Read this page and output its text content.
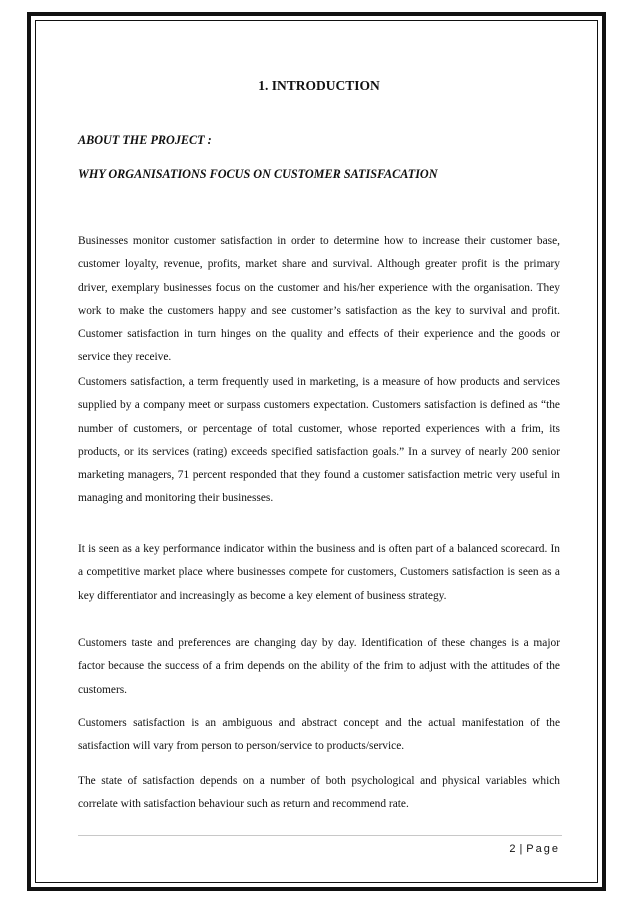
1. INTRODUCTION
ABOUT THE PROJECT :
WHY ORGANISATIONS FOCUS ON CUSTOMER SATISFACATION

Businesses monitor customer satisfaction in order to determine how to increase their customer base, customer loyalty, revenue, profits, market share and survival. Although greater profit is the primary driver, exemplary businesses focus on the customer and his/her experience with the organisation. They work to make the customers happy and see customer’s satisfaction as the key to survival and profit. Customer satisfaction in turn hinges on the quality and effects of their experience and the goods or service they receive.

Customers satisfaction, a term frequently used in marketing, is a measure of how products and services supplied by a company meet or surpass customers expectation. Customers satisfaction is defined as “the number of customers, or percentage of total customer, whose reported experiences with a frim, its products, or its services (rating) exceeds specified satisfaction goals.” In a survey of nearly 200 senior marketing managers, 71 percent responded that they found a customer satisfaction metric very useful in managing and monitoring their businesses.

It is seen as a key performance indicator within the business and is often part of a balanced scorecard. In a competitive market place where businesses compete for customers, Customers satisfaction is seen as a key differentiator and increasingly as become a key element of business strategy.

Customers taste and preferences are changing day by day. Identification of these changes is a major factor because the success of a frim depends on the ability of the frim to adjust with the attitudes of the customers.

Customers satisfaction is an ambiguous and abstract concept and the actual manifestation of the satisfaction will vary from person to person/service to products/service.

The state of satisfaction depends on a number of both psychological and physical variables which correlate with satisfaction behaviour such as return and recommend rate.

2 | Page
